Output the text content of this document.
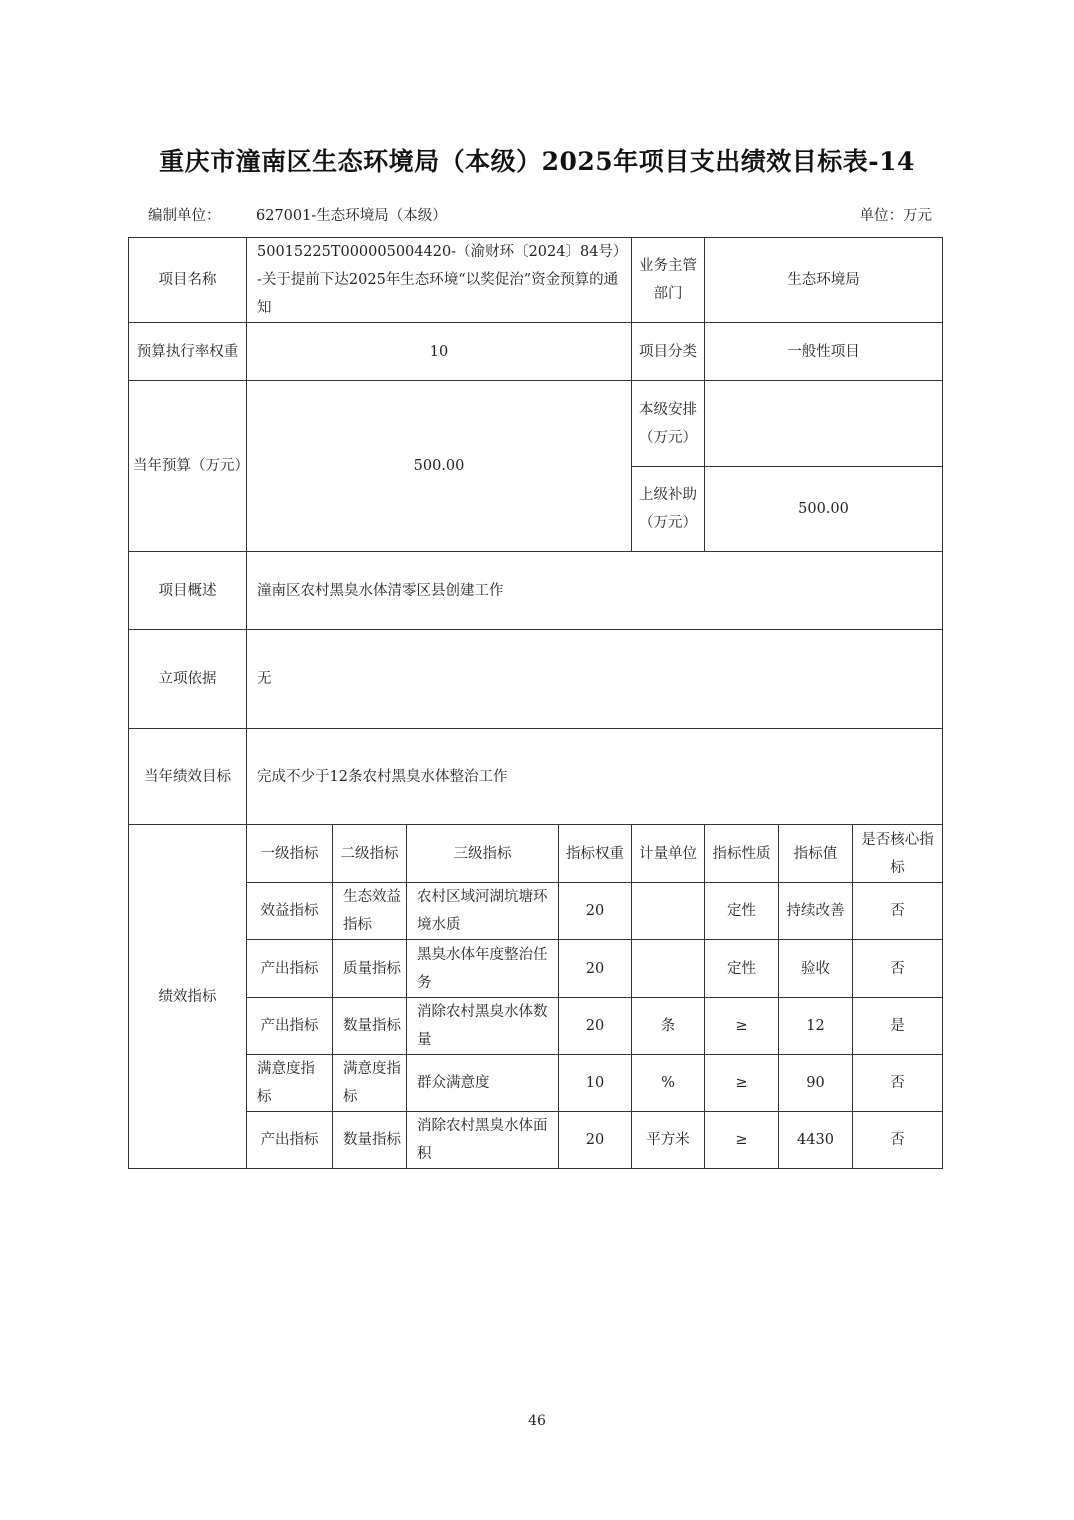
重庆市潼南区生态环境局（本级）2025年项目支出绩效目标表-14
编制单位： 627001-生态环境局（本级）	单位：万元
项目名称	50015225T000005004420-（渝财环〔2024〕84号）-关于提前下达2025年生态环境“以奖促治”资金预算的通知				业务主管部门	生态环境局		
预算执行率权重	10				项目分类	一般性项目		
当年预算（万元）	500.00				本级安排（万元）			
					上级补助（万元）	500.00		
项目概述	潼南区农村黑臭水体清零区县创建工作							
立项依据	无							
当年绩效目标	完成不少于12条农村黑臭水体整治工作							
绩效指标	一级指标	二级指标	三级指标	指标权重	计量单位	指标性质	指标值	是否核心指标
	效益指标	生态效益指标	农村区域河湖坑塘环境水质	20		定性	持续改善	否
	产出指标	质量指标	黑臭水体年度整治任务	20		定性	验收	否
	产出指标	数量指标	消除农村黑臭水体数量	20	条	≥	12	是
	满意度指标	满意度指标	群众满意度	10	%	≥	90	否
	产出指标	数量指标	消除农村黑臭水体面积	20	平方米	≥	4430	否
46
